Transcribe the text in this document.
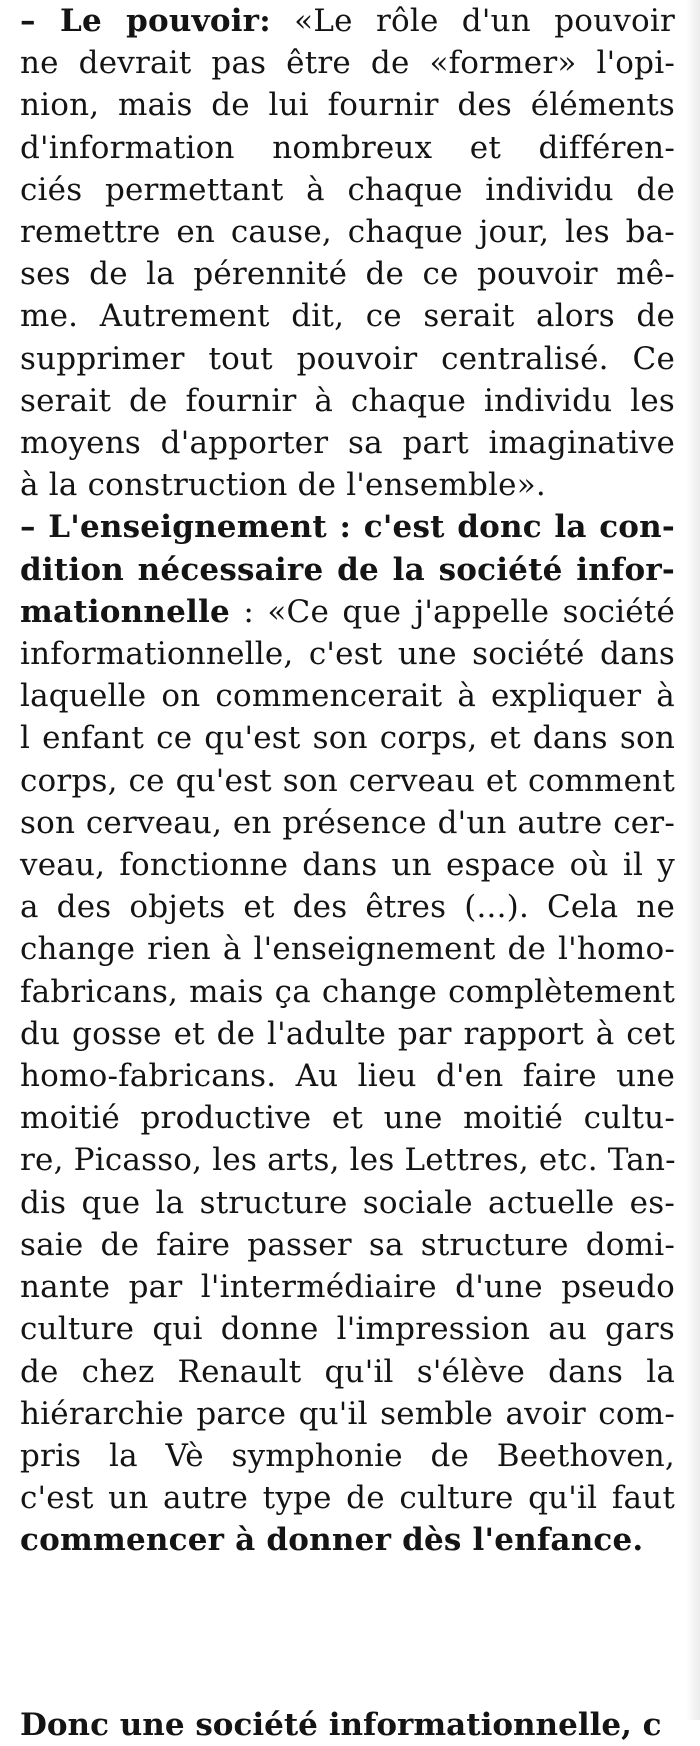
– Le pouvoir: «Le rôle d'un pouvoir
ne devrait pas être de «former» l'opi-
nion, mais de lui fournir des éléments
d'information nombreux et différen-
ciés permettant à chaque individu de
remettre en cause, chaque jour, les ba-
ses de la pérennité de ce pouvoir mê-
me. Autrement dit, ce serait alors de
supprimer tout pouvoir centralisé. Ce
serait de fournir à chaque individu les
moyens d'apporter sa part imaginative
à la construction de l'ensemble».
– L'enseignement : c'est donc la con-
dition nécessaire de la société infor-
mationnelle : «Ce que j'appelle société
informationnelle, c'est une société dans
laquelle on commencerait à expliquer à
l enfant ce qu'est son corps, et dans son
corps, ce qu'est son cerveau et comment
son cerveau, en présence d'un autre cer-
veau, fonctionne dans un espace où il y
a des objets et des êtres (...). Cela ne
change rien à l'enseignement de l'homo-
fabricans, mais ça change complètement
du gosse et de l'adulte par rapport à cet
homo-fabricans. Au lieu d'en faire une
moitié productive et une moitié cultu-
re, Picasso, les arts, les Lettres, etc. Tan-
dis que la structure sociale actuelle es-
saie de faire passer sa structure domi-
nante par l'intermédiaire d'une pseudo
culture qui donne l'impression au gars
de chez Renault qu'il s'élève dans la
hiérarchie parce qu'il semble avoir com-
pris la Vè symphonie de Beethoven,
c'est un autre type de culture qu'il faut
commencer à donner dès l'enfance.
Donc une société informationnelle, c
